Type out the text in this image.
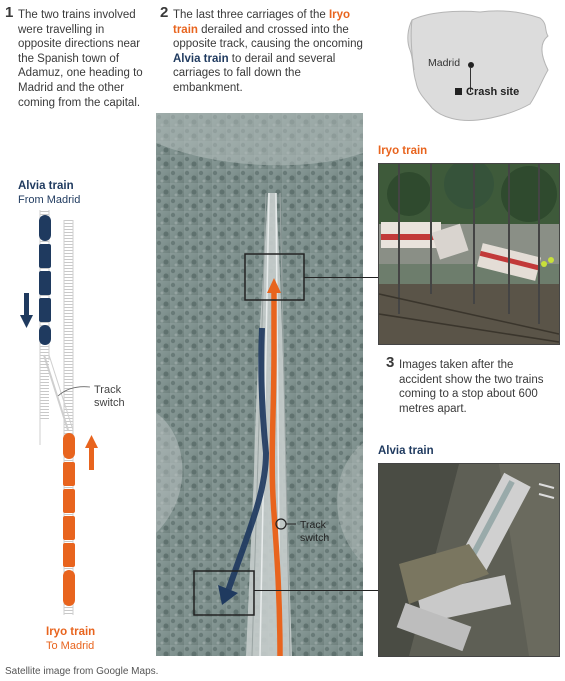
1 The two trains involved were travelling in opposite directions near the Spanish town of Adamuz, one heading to Madrid and the other coming from the capital.
2 The last three carriages of the Iryo train derailed and crossed into the opposite track, causing the oncoming Alvia train to derail and several carriages to fall down the embankment.
Madrid
Crash site
Alvia train
From Madrid
Track
switch
Iryo train
To Madrid
Track
switch
Iryo train
3 Images taken after the accident show the two trains coming to a stop about 600 metres apart.
Alvia train
Satellite image from Google Maps.
